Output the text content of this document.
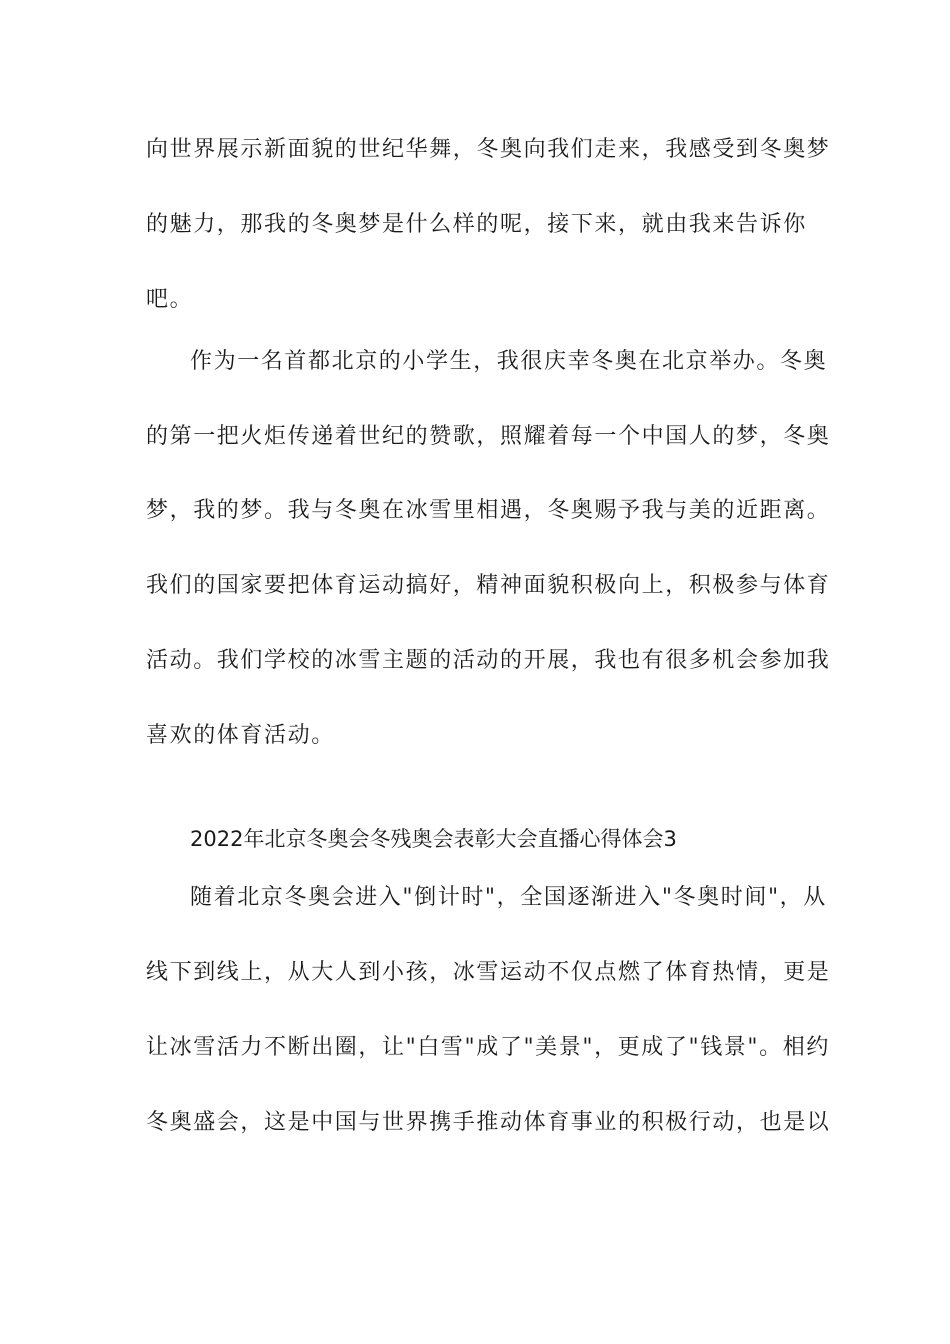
向世界展示新面貌的世纪华舞，冬奥向我们走来，我感受到冬奥梦
的魅力，那我的冬奥梦是什么样的呢，接下来，就由我来告诉你
吧。
作为一名首都北京的小学生，我很庆幸冬奥在北京举办。冬奥
的第一把火炬传递着世纪的赞歌，照耀着每一个中国人的梦，冬奥
梦，我的梦。我与冬奥在冰雪里相遇，冬奥赐予我与美的近距离。
我们的国家要把体育运动搞好，精神面貌积极向上，积极参与体育
活动。我们学校的冰雪主题的活动的开展，我也有很多机会参加我
喜欢的体育活动。
2022年北京冬奥会冬残奥会表彰大会直播心得体会3
随着北京冬奥会进入"倒计时"，全国逐渐进入"冬奥时间"，从
线下到线上，从大人到小孩，冰雪运动不仅点燃了体育热情，更是
让冰雪活力不断出圈，让"白雪"成了"美景"，更成了"钱景"。相约
冬奥盛会，这是中国与世界携手推动体育事业的积极行动，也是以
